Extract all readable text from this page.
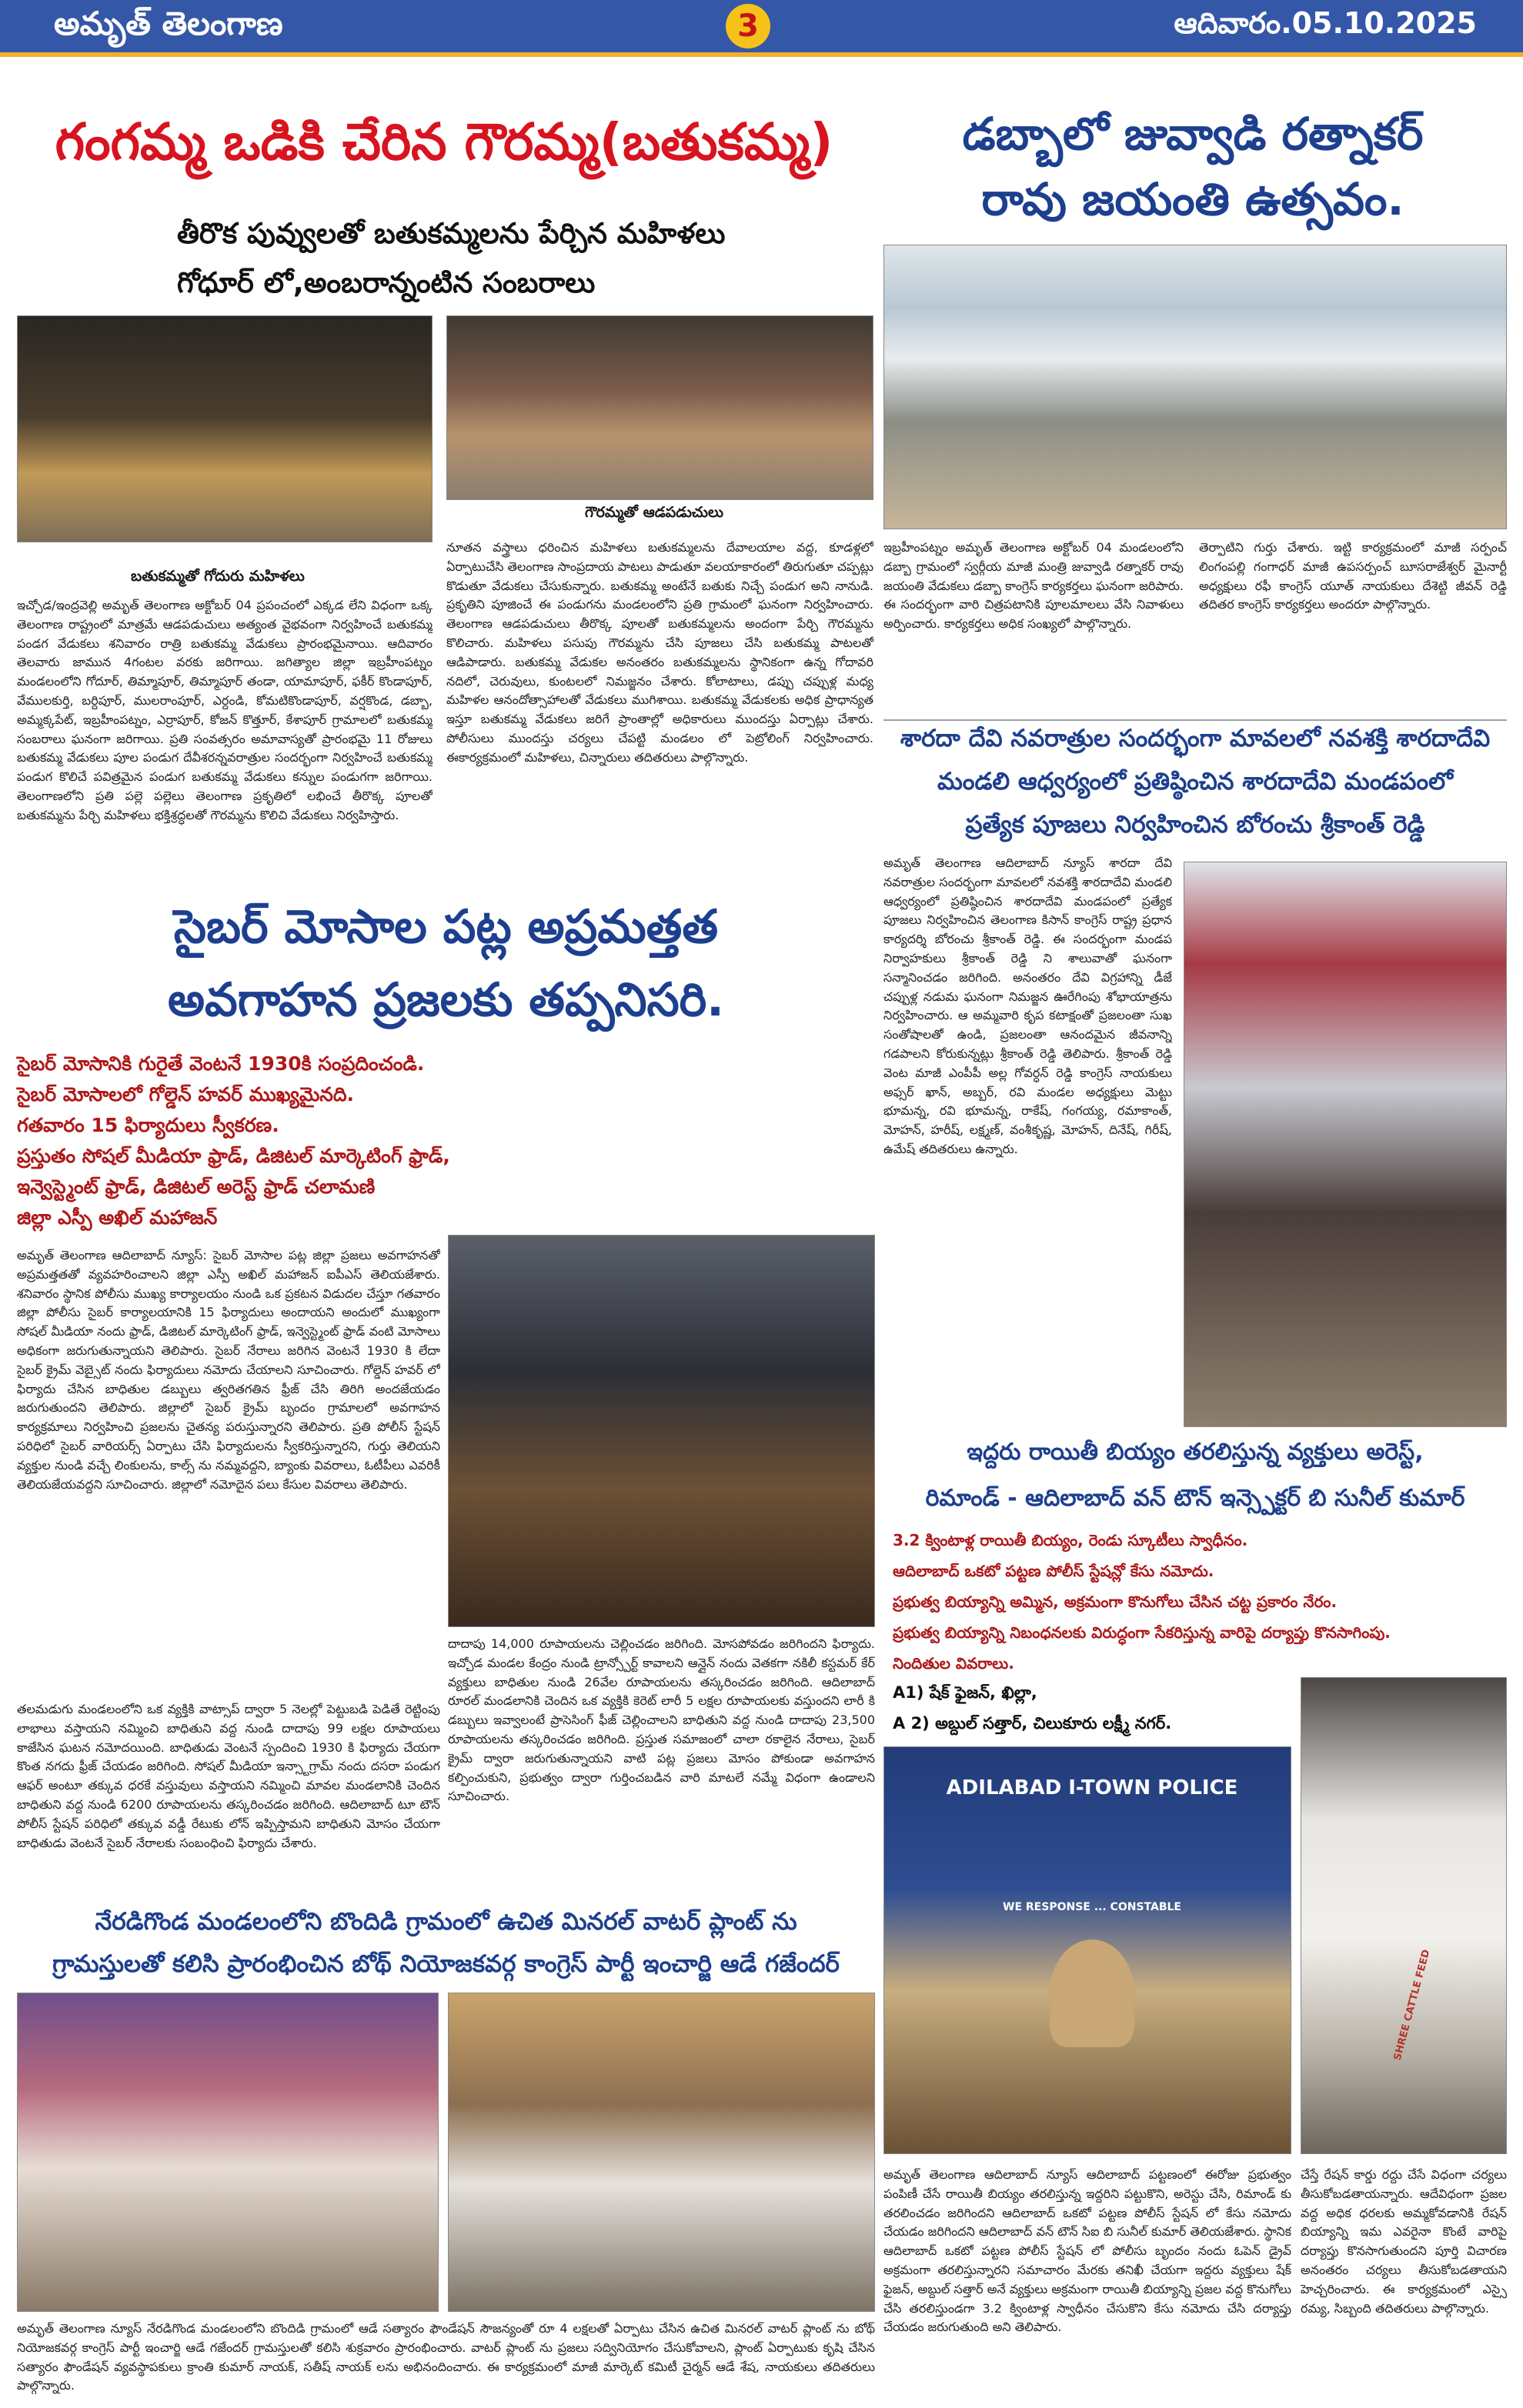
అమృత్ తెలంగాణ	3	ఆదివారం.05.10.2025
గంగమ్మ ఒడికి చేరిన గౌరమ్మ(బతుకమ్మ)
తీరొక పువ్వులతో బతుకమ్మలను పేర్చిన మహిళలు
గోధూర్ లో,అంబరాన్నంటిన సంబరాలు
గౌరమ్మతో ఆడపడుచులు
బతుకమ్మతో గోదురు మహిళలు
ఇచ్చోడ/ఇంద్రవెల్లి అమృత్ తెలంగాణ అక్టోబర్ 04 ప్రపంచంలో ఎక్కడ లేని విధంగా ఒక్క తెలంగాణ రాష్ట్రంలో మాత్రమే ఆడపడుచులు అత్యంత వైభవంగా నిర్వహించే బతుకమ్మ పండగ వేడుకలు శనివారం రాత్రి బతుకమ్మ వేడుకలు ప్రారంభమైనాయి. ఆదివారం తెలవారు జామున 4గంటల వరకు జరిగాయి. జగిత్యాల జిల్లా ఇబ్రహీంపట్నం మండలంలోని గోదూర్, తిమ్మాపూర్, తిమ్మాపూర్ తండా, యామాపూర్, ఫకీర్ కొండాపూర్, వేములకుర్తి, బర్దిపూర్, ములరాంపూర్, ఎర్దండి, కోమటికొండాపూర్, వర్షకొండ, డబ్బా, అమ్మక్కపేట్, ఇబ్రహీంపట్నం, ఎర్రాపూర్, కోజన్ కొత్తూర్, కేశాపూర్ గ్రామాలలో బతుకమ్మ సంబరాలు ఘనంగా జరిగాయి. ప్రతి సంవత్సరం అమావాస్యతో ప్రారంభమై 11 రోజులు బతుకమ్మ వేడుకలు పూల పండుగ దేవీశరన్నవరాత్రుల సందర్భంగా నిర్వహించే బతుకమ్మ పండుగ కొలిచే పవిత్రమైన పండుగ బతుకమ్మ వేడుకలు కన్నుల పండుగగా జరిగాయి. తెలంగాణలోని ప్రతి పల్లె పల్లెలు తెలంగాణ ప్రకృతిలో లభించే తీరొక్క పూలతో బతుకమ్మను పేర్చి మహిళలు భక్తిశ్రద్ధలతో గౌరమ్మను కొలిచి వేడుకలు నిర్వహిస్తారు.
నూతన వస్త్రాలు ధరించిన మహిళలు బతుకమ్మలను దేవాలయాల వద్ద, కూడళ్లలో ఏర్పాటుచేసి తెలంగాణ సాంప్రదాయ పాటలు పాడుతూ వలయాకారంలో తిరుగుతూ చప్పట్లు కొడుతూ వేడుకలు చేసుకున్నారు. బతుకమ్మ అంటేనే బతుకు నిచ్చే పండుగ అని నానుడి. ప్రకృతిని పూజించే ఈ పండుగను మండలంలోని ప్రతి గ్రామంలో ఘనంగా నిర్వహించారు. తెలంగాణ ఆడపడుచులు తీరొక్క పూలతో బతుకమ్మలను అందంగా పేర్చి గౌరమ్మను కొలిచారు. మహిళలు పసుపు గౌరమ్మను చేసి పూజలు చేసి బతుకమ్మ పాటలతో ఆడిపాడారు. బతుకమ్మ వేడుకల అనంతరం బతుకమ్మలను స్థానికంగా ఉన్న గోదావరి నదిలో, చెరువులు, కుంటలలో నిమజ్జనం చేశారు. కోలాటాలు, డప్పు చప్పుళ్ల మధ్య మహిళల ఆనందోత్సాహాలతో వేడుకలు ముగిశాయి. బతుకమ్మ వేడుకలకు అధిక ప్రాధాన్యత ఇస్తూ బతుకమ్మ వేడుకలు జరిగే ప్రాంతాల్లో అధికారులు ముందస్తు ఏర్పాట్లు చేశారు. పోలీసులు ముందస్తు చర్యలు చేపట్టి మండలం లో పెట్రోలింగ్ నిర్వహించారు. ఈకార్యక్రమంలో మహిళలు, చిన్నారులు తదితరులు పాల్గొన్నారు.
డబ్బాలో జువ్వాడి రత్నాకర్
రావు జయంతి ఉత్సవం.
ఇబ్రహీంపట్నం అమృత్ తెలంగాణ అక్టోబర్ 04 మండలంలోని డబ్బా గ్రామంలో స్వర్గీయ మాజీ మంత్రి జువ్వాడి రత్నాకర్ రావు జయంతి వేడుకలు డబ్బా కాంగ్రెస్ కార్యకర్తలు ఘనంగా జరిపారు. ఈ సందర్భంగా వారి చిత్రపటానికి పూలమాలలు వేసి నివాళులు అర్పించారు. కార్యకర్తలు అధిక సంఖ్యలో పాల్గొన్నారు.
తెర్పాటిని గుర్తు చేశారు. ఇట్టి కార్యక్రమంలో మాజీ సర్పంచ్ లింగంపల్లి గంగాధర్ మాజీ ఉపసర్పంచ్ బూసరాజేశ్వర్ మైనార్టీ అధ్యక్షులు రఫీ కాంగ్రెస్ యూత్ నాయకులు దేశెట్టి జీవన్ రెడ్డి తదితర కాంగ్రెస్ కార్యకర్తలు అందరూ పాల్గొన్నారు.
శారదా దేవి నవరాత్రుల సందర్భంగా మావలలో నవశక్తి శారదాదేవి
మండలి ఆధ్వర్యంలో ప్రతిష్ఠించిన శారదాదేవి మండపంలో
ప్రత్యేక పూజలు నిర్వహించిన బోరంచు శ్రీకాంత్ రెడ్డి
అమృత్ తెలంగాణ ఆదిలాబాద్ న్యూస్ శారదా దేవి నవరాత్రుల సందర్భంగా మావలలో నవశక్తి శారదాదేవి మండలి ఆధ్వర్యంలో ప్రతిష్ఠించిన శారదాదేవి మండపంలో ప్రత్యేక పూజలు నిర్వహించిన తెలంగాణ కిసాన్ కాంగ్రెస్ రాష్ట్ర ప్రధాన కార్యదర్శి బోరంచు శ్రీకాంత్ రెడ్డి. ఈ సందర్భంగా మండప నిర్వాహకులు శ్రీకాంత్ రెడ్డి ని శాలువాతో ఘనంగా సన్మానించడం జరిగింది. అనంతరం దేవి విగ్రహాన్ని డీజే చప్పుళ్ల నడుమ ఘనంగా నిమజ్జన ఊరేగింపు శోభాయాత్రను నిర్వహించారు. ఆ అమ్మవారి కృప కటాక్షంతో ప్రజలంతా సుఖ సంతోషాలతో ఉండి, ప్రజలంతా ఆనందమైన జీవనాన్ని గడపాలని కోరుకున్నట్లు శ్రీకాంత్ రెడ్డి తెలిపారు. శ్రీకాంత్ రెడ్డి వెంట మాజీ ఎంపీపీ అల్ల గోవర్ధన్ రెడ్డి కాంగ్రెస్ నాయకులు అఫ్సర్ ఖాన్, అబ్బర్, రవి మండల అధ్యక్షులు మెట్టు భూమన్న, రవి భూమన్న, రాకేష్, గంగయ్య, రమాకాంత్, మోహన్, హరీష్, లక్ష్మణ్, వంశీకృష్ణ, మోహన్, దినేష్, గిరీష్, ఉమేష్ తదితరులు ఉన్నారు.
సైబర్ మోసాల పట్ల అప్రమత్తత
అవగాహన ప్రజలకు తప్పనిసరి.
సైబర్ మోసానికి గురైతే వెంటనే 1930కి సంప్రదించండి.
సైబర్ మోసాలలో గోల్డెన్ హవర్ ముఖ్యమైనది.
గతవారం 15 ఫిర్యాదులు స్వీకరణ.
ప్రస్తుతం సోషల్ మీడియా ఫ్రాడ్, డిజిటల్ మార్కెటింగ్ ఫ్రాడ్,
ఇన్వెస్ట్మెంట్ ఫ్రాడ్, డిజిటల్ అరెస్ట్ ఫ్రాడ్ చలామణి
జిల్లా ఎస్పీ అఖిల్ మహాజన్
అమృత్ తెలంగాణ ఆదిలాబాద్ న్యూస్: సైబర్ మోసాల పట్ల జిల్లా ప్రజలు అవగాహనతో అప్రమత్తతతో వ్యవహరించాలని జిల్లా ఎస్పీ అఖిల్ మహాజన్ ఐపీఎస్ తెలియజేశారు. శనివారం స్థానిక పోలీసు ముఖ్య కార్యాలయం నుండి ఒక ప్రకటన విడుదల చేస్తూ గతవారం జిల్లా పోలీసు సైబర్ కార్యాలయానికి 15 ఫిర్యాదులు అందాయని అందులో ముఖ్యంగా సోషల్ మీడియా నందు ఫ్రాడ్, డిజిటల్ మార్కెటింగ్ ఫ్రాడ్, ఇన్వెస్ట్మెంట్ ఫ్రాడ్ వంటి మోసాలు అధికంగా జరుగుతున్నాయని తెలిపారు. సైబర్ నేరాలు జరిగిన వెంటనే 1930 కి లేదా సైబర్ క్రైమ్ వెబ్సైట్ నందు ఫిర్యాదులు నమోదు చేయాలని సూచించారు. గోల్డెన్ హవర్ లో ఫిర్యాదు చేసిన బాధితుల డబ్బులు త్వరితగతిన ఫ్రీజ్ చేసి తిరిగి అందజేయడం జరుగుతుందని తెలిపారు. జిల్లాలో సైబర్ క్రైమ్ బృందం గ్రామాలలో అవగాహన కార్యక్రమాలు నిర్వహించి ప్రజలను చైతన్య పరుస్తున్నారని తెలిపారు. ప్రతి పోలీస్ స్టేషన్ పరిధిలో సైబర్ వారియర్స్ ఏర్పాటు చేసి ఫిర్యాదులను స్వీకరిస్తున్నారని, గుర్తు తెలియని వ్యక్తుల నుండి వచ్చే లింకులను, కాల్స్ ను నమ్మవద్దని, బ్యాంకు వివరాలు, ఓటీపీలు ఎవరికీ తెలియజేయవద్దని సూచించారు. జిల్లాలో నమోదైన పలు కేసుల వివరాలు తెలిపారు.
దాదాపు 14,000 రూపాయలను చెల్లించడం జరిగింది. మోసపోవడం జరిగిందని ఫిర్యాదు. ఇచ్చోడ మండల కేంద్రం నుండి ట్రాన్స్పోర్ట్ కావాలని ఆన్లైన్ నందు వెతకగా నకిలీ కస్టమర్ కేర్ వ్యక్తులు బాధితుల నుండి 26వేల రూపాయలను తస్కరించడం జరిగింది. ఆదిలాబాద్ రూరల్ మండలానికి చెందిన ఒక వ్యక్తికి కెరెట్ లారీ 5 లక్షల రూపాయలకు వస్తుందని లారీ కి డబ్బులు ఇవ్వాలంటే ప్రాసెసింగ్ ఫీజ్ చెల్లించాలని బాధితుని వద్ద నుండి దాదాపు 23,500 రూపాయలను తస్కరించడం జరిగింది. ప్రస్తుత సమాజంలో చాలా రకాలైన నేరాలు, సైబర్ క్రైమ్ ద్వారా జరుగుతున్నాయని వాటి పట్ల ప్రజలు మోసం పోకుండా అవగాహన కల్పించుకుని, ప్రభుత్వం ద్వారా గుర్తించబడిన వారి మాటలే నమ్మే విధంగా ఉండాలని సూచించారు.
తలమడుగు మండలంలోని ఒక వ్యక్తికి వాట్సాప్ ద్వారా 5 నెలల్లో పెట్టుబడి పెడితే రెట్టింపు లాభాలు వస్తాయని నమ్మించి బాధితుని వద్ద నుండి దాదాపు 99 లక్షల రూపాయలు కాజేసిన ఘటన నమోదయింది. బాధితుడు వెంటనే స్పందించి 1930 కి ఫిర్యాదు చేయగా కొంత నగదు ఫ్రీజ్ చేయడం జరిగింది. సోషల్ మీడియా ఇన్స్టాగ్రామ్ నందు దసరా పండుగ ఆఫర్ అంటూ తక్కువ ధరకే వస్తువులు వస్తాయని నమ్మించి మావల మండలానికి చెందిన బాధితుని వద్ద నుండి 6200 రూపాయలను తస్కరించడం జరిగింది. ఆదిలాబాద్ టూ టౌన్ పోలీస్ స్టేషన్ పరిధిలో తక్కువ వడ్డీ రేటుకు లోన్ ఇప్పిస్తామని బాధితుని మోసం చేయగా బాధితుడు వెంటనే సైబర్ నేరాలకు సంబంధించి ఫిర్యాదు చేశారు.
ఇద్దరు రాయితీ బియ్యం తరలిస్తున్న వ్యక్తులు అరెస్ట్,
రిమాండ్ - ఆదిలాబాద్ వన్ టౌన్ ఇన్స్పెక్టర్ బి సునీల్ కుమార్
3.2 క్వింటాళ్ల రాయితీ బియ్యం, రెండు స్కూటీలు స్వాధీనం.
ఆదిలాబాద్ ఒకటో పట్టణ పోలీస్ స్టేషన్లో కేసు నమోదు.
ప్రభుత్వ బియ్యాన్ని అమ్మిన, అక్రమంగా కొనుగోలు చేసిన చట్ట ప్రకారం నేరం.
ప్రభుత్వ బియ్యాన్ని నిబంధనలకు విరుద్ధంగా సేకరిస్తున్న వారిపై దర్యాప్తు కొనసాగింపు.
నిందితుల వివరాలు.
A1) షేక్ ఫైజన్, ఖిల్లా,
A 2) అబ్దుల్ సత్తార్, చిలుకూరు లక్ష్మీ నగర్.
ADILABAD I-TOWN POLICE
WE RESPONSE ... CONSTABLE
SHREE CATTLE FEED
అమృత్ తెలంగాణ ఆదిలాబాద్ న్యూస్ ఆదిలాబాద్ పట్టణంలో ఈరోజు ప్రభుత్వం పంపిణీ చేసే రాయితీ బియ్యం తరలిస్తున్న ఇద్దరిని పట్టుకొని, అరెస్టు చేసి, రిమాండ్ కు తరలించడం జరిగిందని ఆదిలాబాద్ ఒకటో పట్టణ పోలీస్ స్టేషన్ లో కేసు నమోదు చేయడం జరిగిందని ఆదిలాబాద్ వన్ టౌన్ సిఐ బి సునీల్ కుమార్ తెలియజేశారు. స్థానిక ఆదిలాబాద్ ఒకటో పట్టణ పోలీస్ స్టేషన్ లో పోలీసు బృందం నందు ఓపెన్ డ్రైవ్ అక్రమంగా తరలిస్తున్నారని సమాచారం మేరకు తనిఖీ చేయగా ఇద్దరు వ్యక్తులు షేక్ ఫైజన్, అబ్దుల్ సత్తార్ అనే వ్యక్తులు అక్రమంగా రాయితీ బియ్యాన్ని ప్రజల వద్ద కొనుగోలు చేసి తరలిస్తుండగా 3.2 క్వింటాళ్ల స్వాధీనం చేసుకొని కేసు నమోదు చేసి దర్యాప్తు చేయడం జరుగుతుంది అని తెలిపారు.
చేస్తే రేషన్ కార్డు రద్దు చేసే విధంగా చర్యలు తీసుకోబడతాయన్నారు. ఆదేవిధంగా ప్రజల వద్ద అధిక ధరలకు అమ్మకోవడానికి రేషన్ బియ్యాన్ని ఇమ ఎవరైనా కొంటే వారిపై దర్యాప్తు కొనసాగుతుందని పూర్తి విచారణ అనంతరం చర్యలు తీసుకోబడతాయని హెచ్చరించారు. ఈ కార్యక్రమంలో ఎస్సై రమ్య, సిబ్బంది తదితరులు పాల్గొన్నారు.
నేరడిగొండ మండలంలోని బొందిడి గ్రామంలో ఉచిత మినరల్ వాటర్ ప్లాంట్ ను
గ్రామస్తులతో కలిసి ప్రారంభించిన బోథ్ నియోజకవర్గ కాంగ్రెస్ పార్టీ ఇంచార్జి ఆడే గజేందర్
అమృత్ తెలంగాణ న్యూస్ నేరడిగొండ మండలంలోని బొందిడి గ్రామంలో ఆడే సత్యారం ఫౌండేషన్ సౌజన్యంతో రూ 4 లక్షలతో ఏర్పాటు చేసిన ఉచిత మినరల్ వాటర్ ప్లాంట్ ను బోథ్ నియోజకవర్గ కాంగ్రెస్ పార్టీ ఇంచార్జి ఆడే గజేందర్ గ్రామస్తులతో కలిసి శుక్రవారం ప్రారంభించారు. వాటర్ ప్లాంట్ ను ప్రజలు సద్వినియోగం చేసుకోవాలని, ప్లాంట్ ఏర్పాటుకు కృషి చేసిన సత్యారం ఫౌండేషన్ వ్యవస్థాపకులు క్రాంతి కుమార్ నాయక్, సతీష్ నాయక్ లను అభినందించారు. ఈ కార్యక్రమంలో మాజీ మార్కెట్ కమిటీ చైర్మన్ ఆడే శేష, నాయకులు తదితరులు పాల్గొన్నారు.
